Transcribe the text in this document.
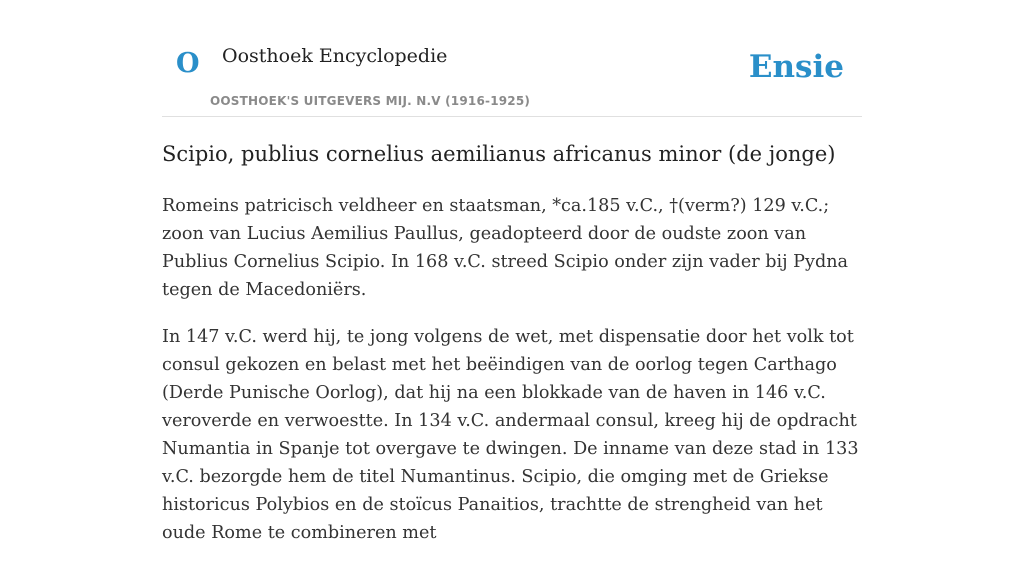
O Oosthoek Encyclopedie
OOSTHOEK'S UITGEVERS MIJ. N.V (1916-1925)
Ensie
Scipio, publius cornelius aemilianus africanus minor (de jonge)

Romeins patricisch veldheer en staatsman, *ca.185 v.C., †(verm?) 129 v.C.; zoon van Lucius Aemilius Paullus, geadopteerd door de oudste zoon van Publius Cornelius Scipio. In 168 v.C. streed Scipio onder zijn vader bij Pydna tegen de Macedoniërs.

In 147 v.C. werd hij, te jong volgens de wet, met dispensatie door het volk tot consul gekozen en belast met het beëindigen van de oorlog tegen Carthago (Derde Punische Oorlog), dat hij na een blokkade van de haven in 146 v.C. veroverde en verwoestte. In 134 v.C. andermaal consul, kreeg hij de opdracht Numantia in Spanje tot overgave te dwingen. De inname van deze stad in 133 v.C. bezorgde hem de titel Numantinus. Scipio, die omging met de Griekse historicus Polybios en de stoïcus Panaitios, trachtte de strengheid van het oude Rome te combineren met
